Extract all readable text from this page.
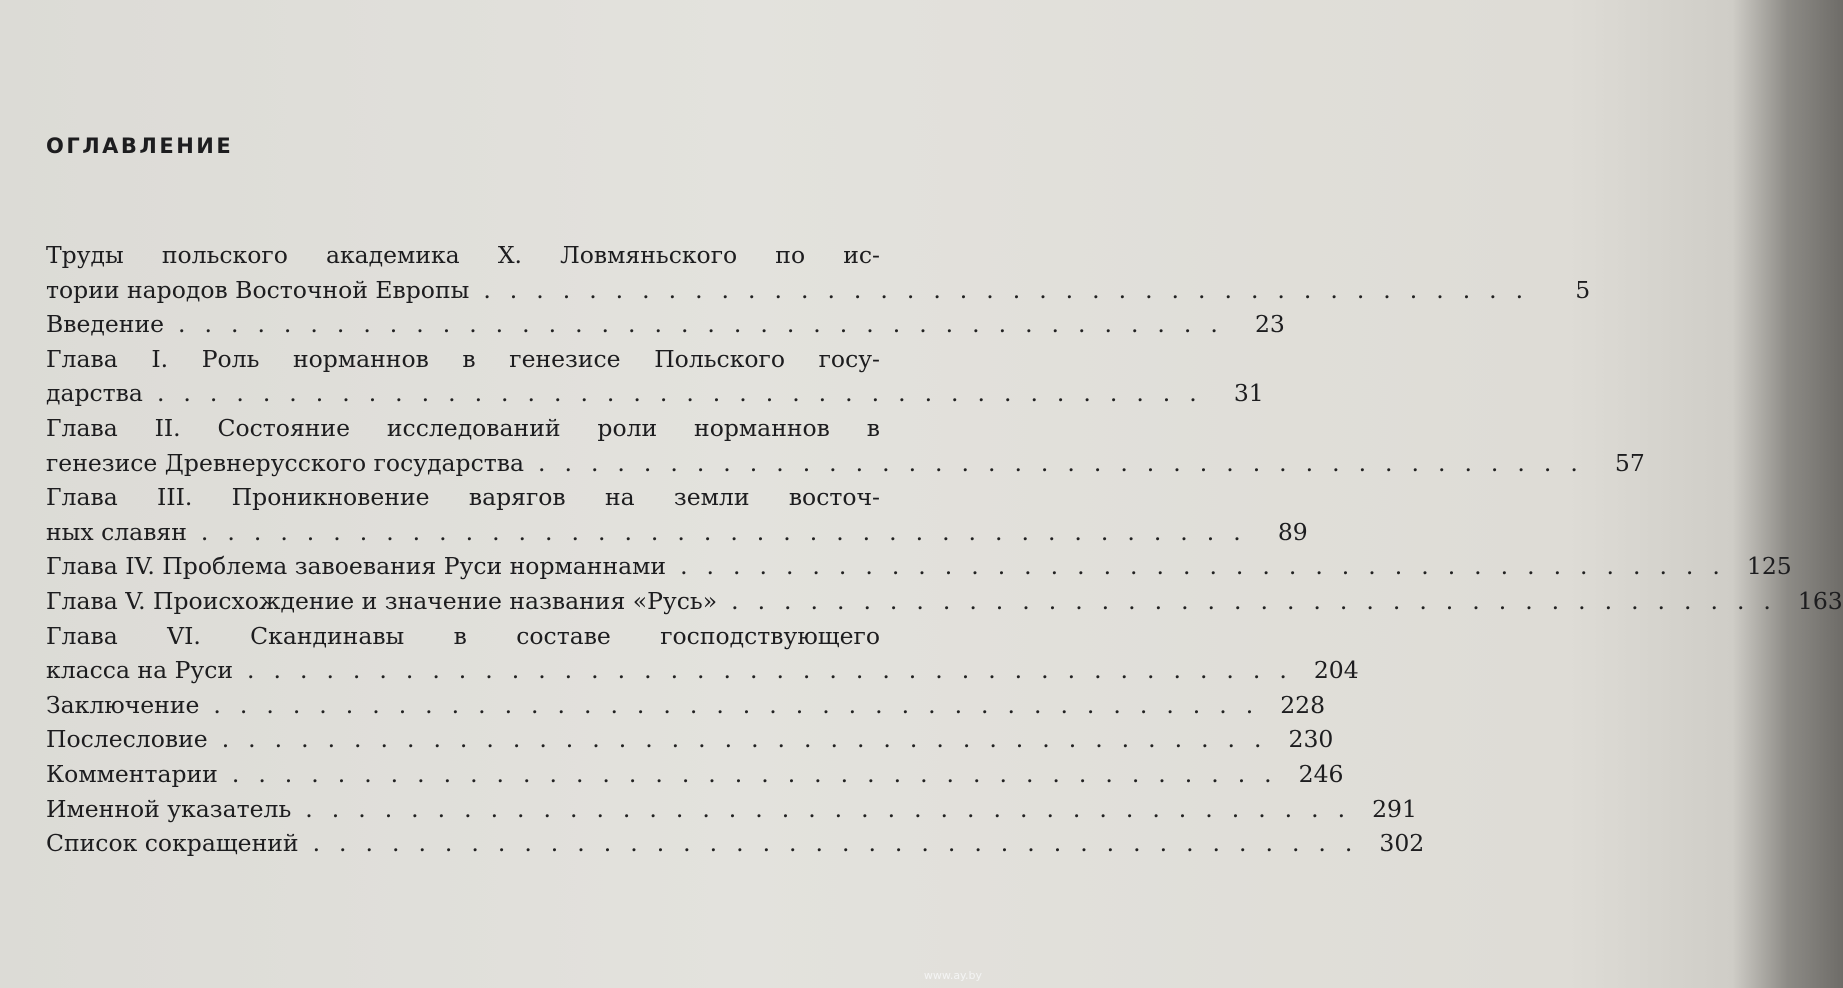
ОГЛАВЛЕНИЕ
Труды польского академика Х. Ловмяньского по ис-
тории народов Восточной Европы ........................................	5
Введение ........................................ 23
Глава I. Роль норманнов в генезисе Польского госу-
дарства ........................................ 31
Глава II. Состояние исследований роли норманнов в
генезисе Древнерусского государства ........................................ 57
Глава III. Проникновение варягов на земли восточ-
ных славян ........................................ 89
Глава IV. Проблема завоевания Руси норманнами ........................................ 125
Глава V. Происхождение и значение названия «Русь» ........................................ 163
Глава VI. Скандинавы в составе господствующего
класса на Руси ........................................ 204
Заключение ........................................ 228
Послесловие ........................................ 230
Комментарии ........................................ 246
Именной указатель ........................................ 291
Список сокращений ........................................ 302
www.ay.by
